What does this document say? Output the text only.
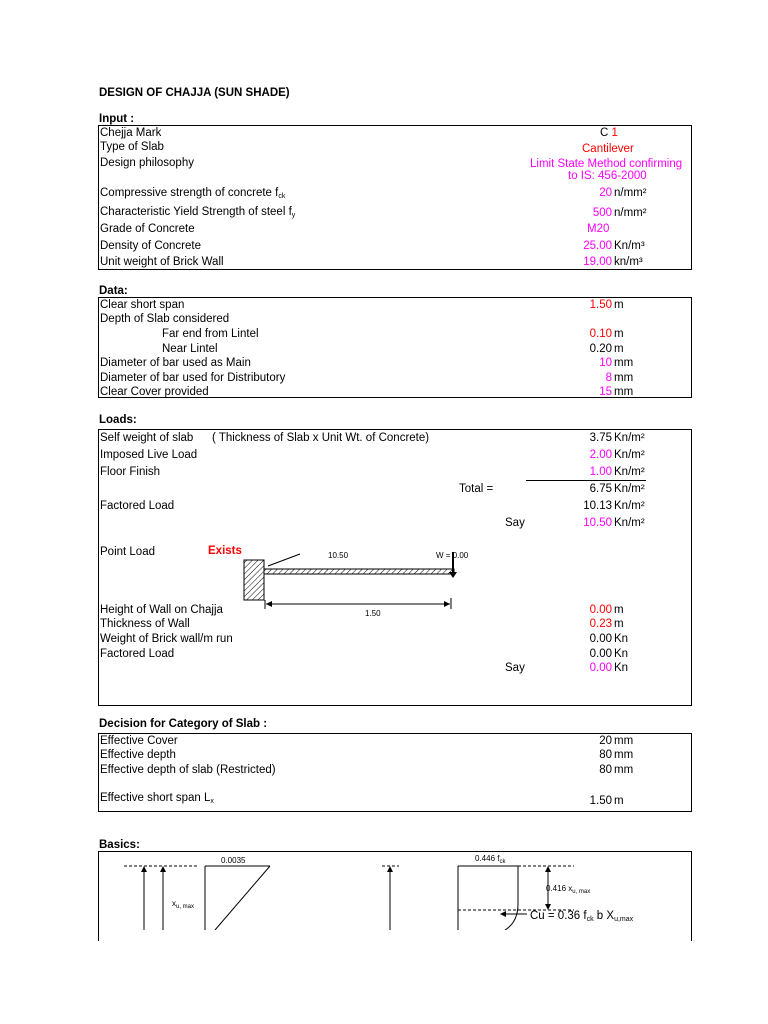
DESIGN OF CHAJJA (SUN SHADE)
Input :
Chejja Mark	C 1
Type of Slab	Cantilever
Design philosophy	Limit State Method confirming
to IS: 456-2000
Compressive strength of concrete $f_{ck}$	20 n/mm²
Characteristic Yield Strength of steel $f_y$	500 n/mm²
Grade of Concrete	M20
Density of Concrete	25.00 Kn/m³
Unit weight of Brick Wall	19.00 kn/m³
Data:
Clear short span	1.50 m
Depth of Slab considered
Far end from Lintel	0.10 m
Near Lintel	0.20 m
Diameter of bar used as Main	10 mm
Diameter of bar used for Distributory	8 mm
Clear Cover provided	15 mm
Loads:
Self weight of slab ( Thickness of Slab x Unit Wt. of Concrete)	3.75 Kn/m²
Imposed Live Load	2.00 Kn/m²
Floor Finish	1.00 Kn/m²
Total =	6.75 Kn/m²
Factored Load	10.13 Kn/m²
Say	10.50 Kn/m²
Point Load	Exists	10.50	W = 0.00
1.50
Height of Wall on Chajja	0.00 m
Thickness of Wall	0.23 m
Weight of Brick wall/m run	0.00 Kn
Factored Load	0.00 Kn
Say	0.00 Kn
Decision for Category of Slab :
Effective Cover	20 mm
Effective depth	80 mm
Effective depth of slab (Restricted)	80 mm
Effective short span $L_x$	1.50 m
Basics:
0.0035
$x_{u, max}$
0.446 $f_{ck}$
0.416 $x_{u, max}$
Cu = 0.36 $f_{ck}$ b $X_{u,max}$
